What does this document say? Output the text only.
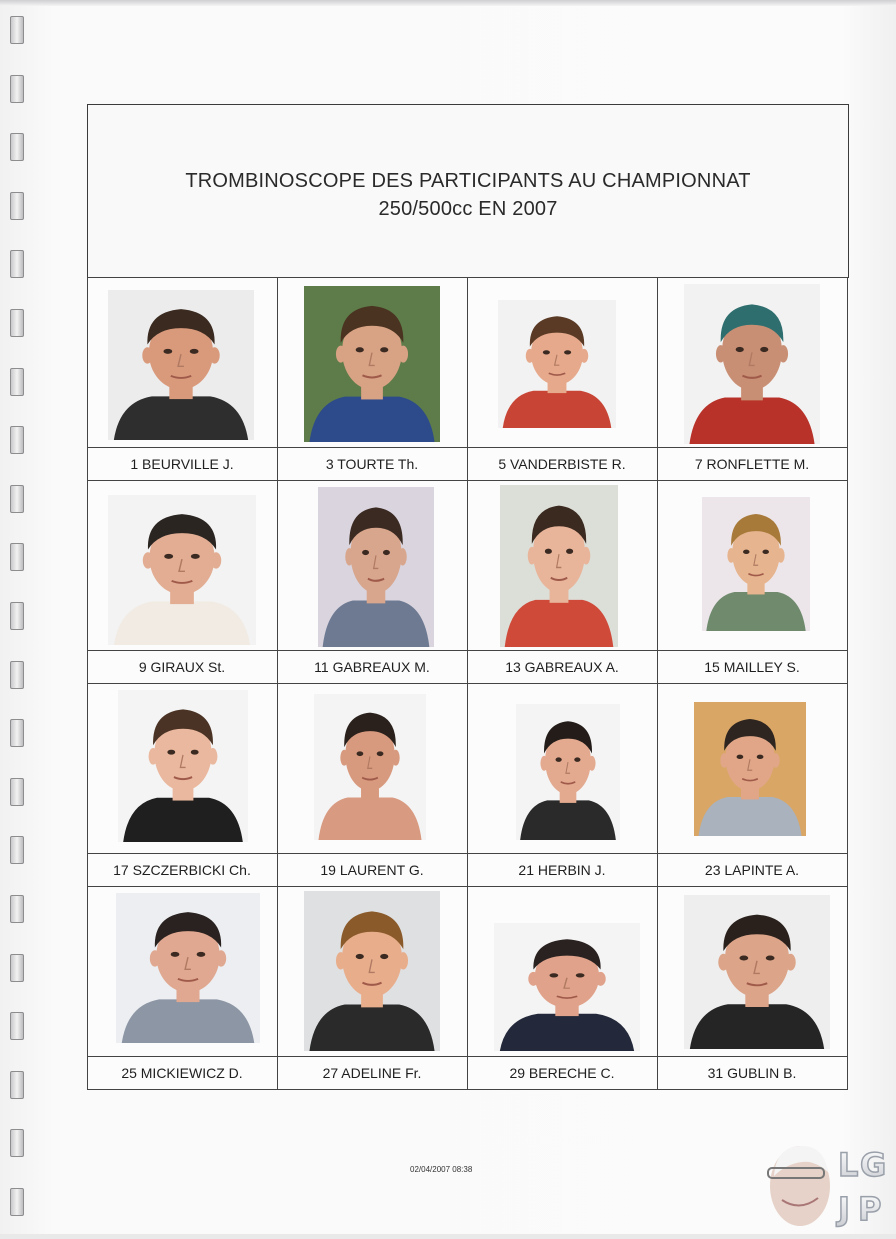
TROMBINOSCOPE DES PARTICIPANTS AU CHAMPIONNAT
250/500cc EN 2007
1 BEURVILLE J.	3 TOURTE Th.	5 VANDERBISTE R.	7 RONFLETTE M.
9 GIRAUX St.	11 GABREAUX M.	13 GABREAUX A.	15 MAILLEY S.
17 SZCZERBICKI Ch.	19 LAURENT G.	21 HERBIN J.	23 LAPINTE A.
25 MICKIEWICZ D.	27 ADELINE Fr.	29 BERECHE C.	31 GUBLIN B.
02/04/2007 08:38	L G
J P
